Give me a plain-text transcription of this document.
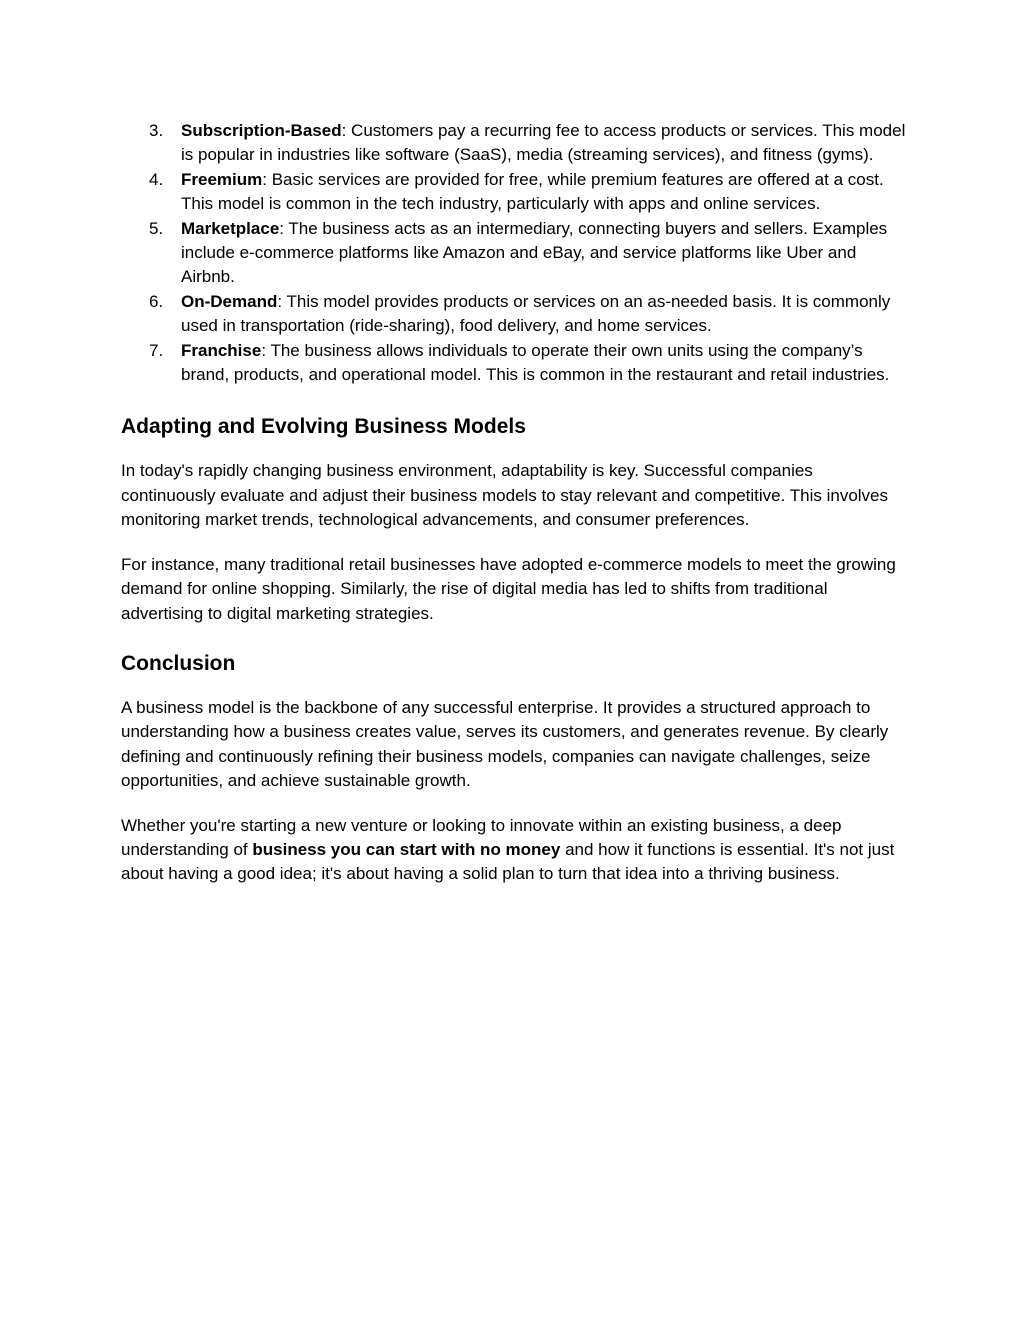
3. Subscription-Based: Customers pay a recurring fee to access products or services. This model is popular in industries like software (SaaS), media (streaming services), and fitness (gyms).
4. Freemium: Basic services are provided for free, while premium features are offered at a cost. This model is common in the tech industry, particularly with apps and online services.
5. Marketplace: The business acts as an intermediary, connecting buyers and sellers. Examples include e-commerce platforms like Amazon and eBay, and service platforms like Uber and Airbnb.
6. On-Demand: This model provides products or services on an as-needed basis. It is commonly used in transportation (ride-sharing), food delivery, and home services.
7. Franchise: The business allows individuals to operate their own units using the company’s brand, products, and operational model. This is common in the restaurant and retail industries.
Adapting and Evolving Business Models

In today's rapidly changing business environment, adaptability is key. Successful companies continuously evaluate and adjust their business models to stay relevant and competitive. This involves monitoring market trends, technological advancements, and consumer preferences.

For instance, many traditional retail businesses have adopted e-commerce models to meet the growing demand for online shopping. Similarly, the rise of digital media has led to shifts from traditional advertising to digital marketing strategies.

Conclusion

A business model is the backbone of any successful enterprise. It provides a structured approach to understanding how a business creates value, serves its customers, and generates revenue. By clearly defining and continuously refining their business models, companies can navigate challenges, seize opportunities, and achieve sustainable growth.

Whether you're starting a new venture or looking to innovate within an existing business, a deep understanding of business you can start with no money and how it functions is essential. It's not just about having a good idea; it's about having a solid plan to turn that idea into a thriving business.
